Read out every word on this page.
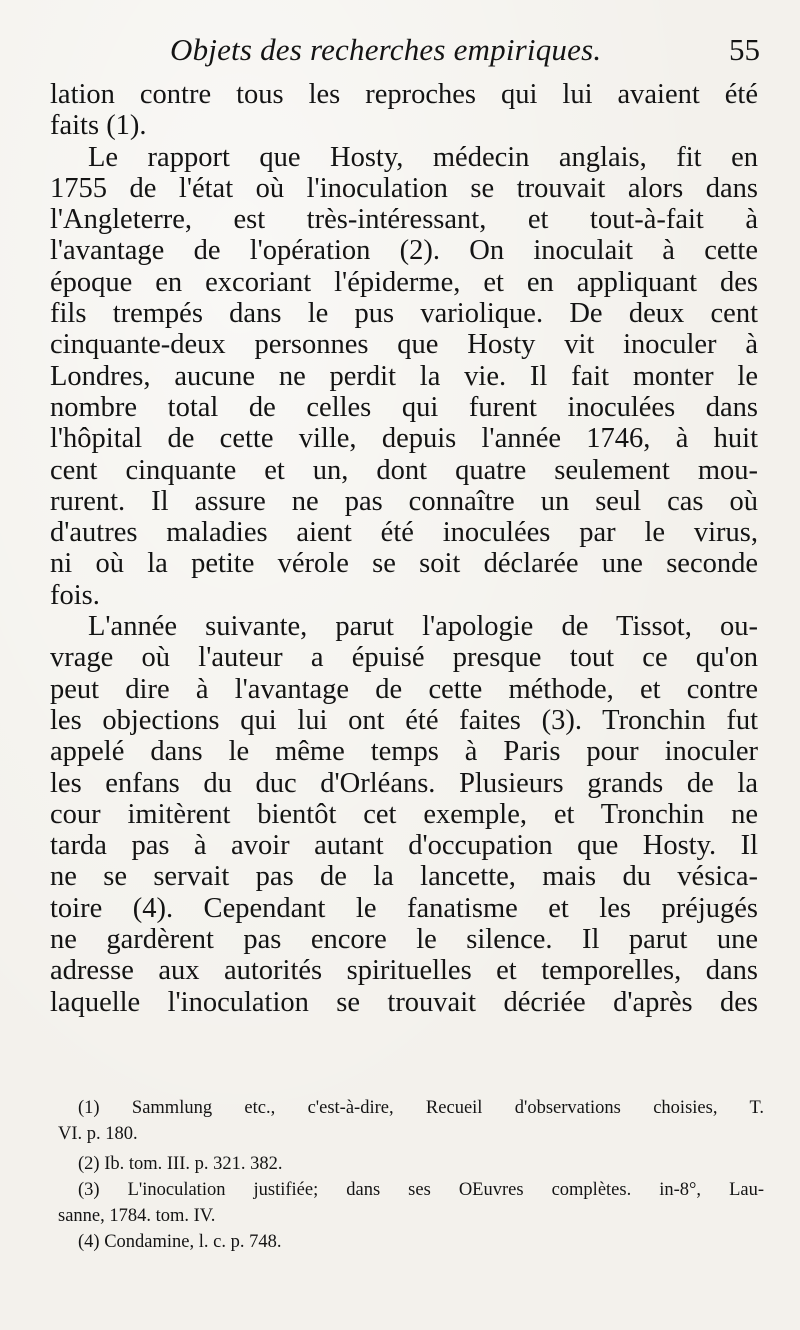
Objets des recherches empiriques.	55
lation contre tous les reproches qui lui avaient été
faits (1).
Le rapport que Hosty, médecin anglais, fit en
1755 de l'état où l'inoculation se trouvait alors dans
l'Angleterre, est très-intéressant, et tout-à-fait à
l'avantage de l'opération (2). On inoculait à cette
époque en excoriant l'épiderme, et en appliquant des
fils trempés dans le pus variolique. De deux cent
cinquante-deux personnes que Hosty vit inoculer à
Londres, aucune ne perdit la vie. Il fait monter le
nombre total de celles qui furent inoculées dans
l'hôpital de cette ville, depuis l'année 1746, à huit
cent cinquante et un, dont quatre seulement mou-
rurent. Il assure ne pas connaître un seul cas où
d'autres maladies aient été inoculées par le virus,
ni où la petite vérole se soit déclarée une seconde
fois.
L'année suivante, parut l'apologie de Tissot, ou-
vrage où l'auteur a épuisé presque tout ce qu'on
peut dire à l'avantage de cette méthode, et contre
les objections qui lui ont été faites (3). Tronchin fut
appelé dans le même temps à Paris pour inoculer
les enfans du duc d'Orléans. Plusieurs grands de la
cour imitèrent bientôt cet exemple, et Tronchin ne
tarda pas à avoir autant d'occupation que Hosty. Il
ne se servait pas de la lancette, mais du vésica-
toire (4). Cependant le fanatisme et les préjugés
ne gardèrent pas encore le silence. Il parut une
adresse aux autorités spirituelles et temporelles, dans
laquelle l'inoculation se trouvait décriée d'après des
(1) Sammlung etc., c'est-à-dire, Recueil d'observations choisies, T.
VI. p. 180.
(2) Ib. tom. III. p. 321. 382.
(3) L'inoculation justifiée; dans ses OEuvres complètes. in-8°, Lau-
sanne, 1784. tom. IV.
(4) Condamine, l. c. p. 748.
